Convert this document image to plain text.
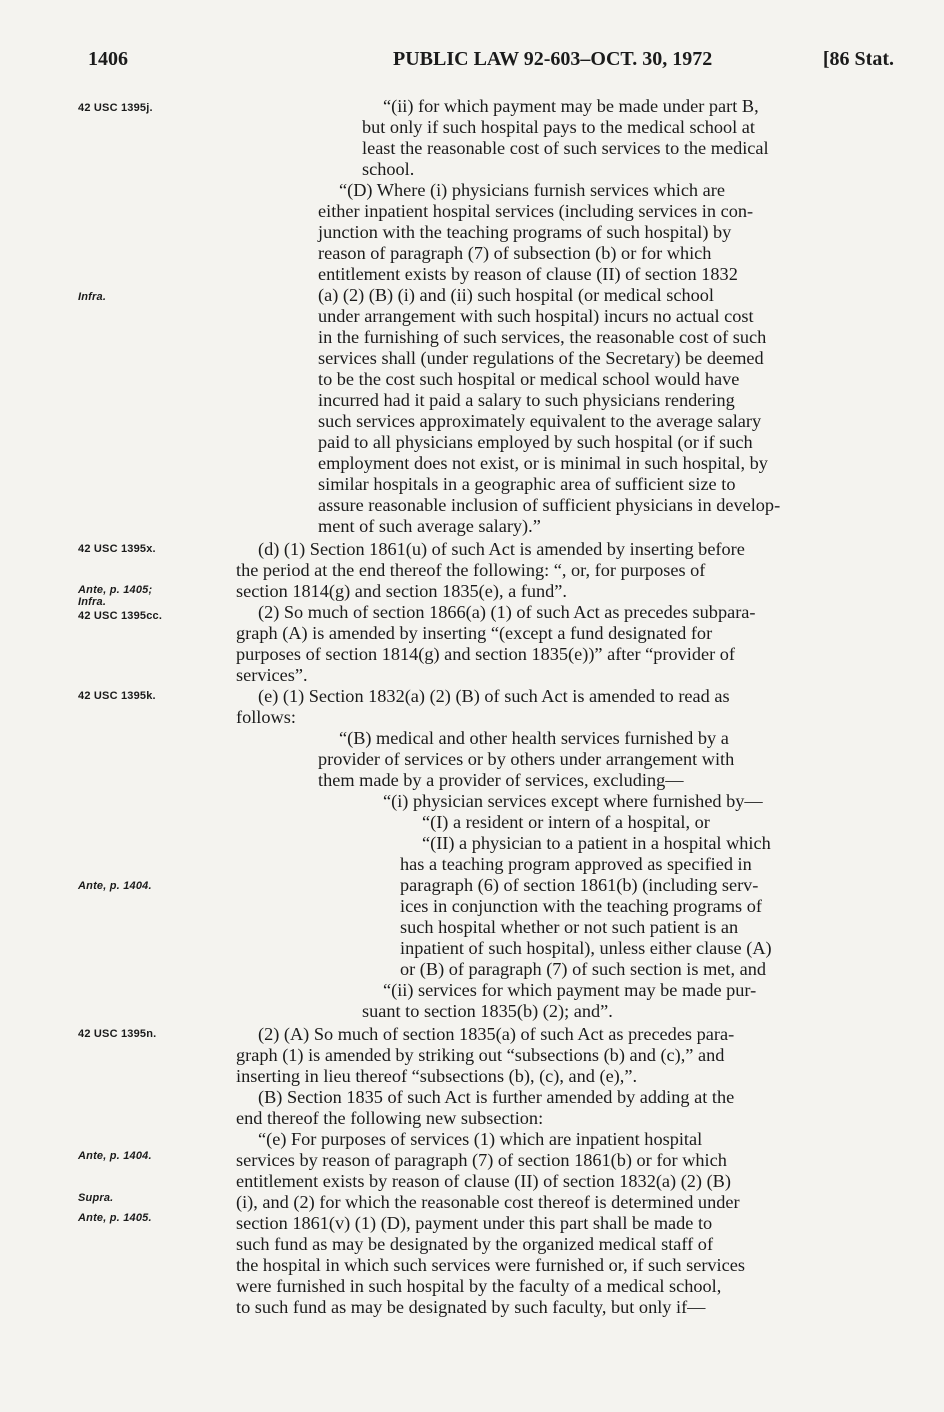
1406	PUBLIC LAW 92-603–OCT. 30, 1972	[86 Stat.
42 USC 1395j.
Infra.
42 USC 1395x.
Ante, p. 1405;
Infra.
42 USC 1395cc.
42 USC 1395k.
Ante, p. 1404.
42 USC 1395n.
Ante, p. 1404.
Supra.
Ante, p. 1405.
“(ii) for which payment may be made under part B,
but only if such hospital pays to the medical school at
least the reasonable cost of such services to the medical
school.
“(D) Where (i) physicians furnish services which are
either inpatient hospital services (including services in con-
junction with the teaching programs of such hospital) by
reason of paragraph (7) of subsection (b) or for which
entitlement exists by reason of clause (II) of section 1832
(a) (2) (B) (i) and (ii) such hospital (or medical school
under arrangement with such hospital) incurs no actual cost
in the furnishing of such services, the reasonable cost of such
services shall (under regulations of the Secretary) be deemed
to be the cost such hospital or medical school would have
incurred had it paid a salary to such physicians rendering
such services approximately equivalent to the average salary
paid to all physicians employed by such hospital (or if such
employment does not exist, or is minimal in such hospital, by
similar hospitals in a geographic area of sufficient size to
assure reasonable inclusion of sufficient physicians in develop-
ment of such average salary).”
(d) (1) Section 1861(u) of such Act is amended by inserting before
the period at the end thereof the following: “, or, for purposes of
section 1814(g) and section 1835(e), a fund”.
(2) So much of section 1866(a) (1) of such Act as precedes subpara-
graph (A) is amended by inserting “(except a fund designated for
purposes of section 1814(g) and section 1835(e))” after “provider of
services”.
(e) (1) Section 1832(a) (2) (B) of such Act is amended to read as
follows:
“(B) medical and other health services furnished by a
provider of services or by others under arrangement with
them made by a provider of services, excluding—
“(i) physician services except where furnished by—
“(I) a resident or intern of a hospital, or
“(II) a physician to a patient in a hospital which
has a teaching program approved as specified in
paragraph (6) of section 1861(b) (including serv-
ices in conjunction with the teaching programs of
such hospital whether or not such patient is an
inpatient of such hospital), unless either clause (A)
or (B) of paragraph (7) of such section is met, and
“(ii) services for which payment may be made pur-
suant to section 1835(b) (2); and”.
(2) (A) So much of section 1835(a) of such Act as precedes para-
graph (1) is amended by striking out “subsections (b) and (c),” and
inserting in lieu thereof “subsections (b), (c), and (e),”.
(B) Section 1835 of such Act is further amended by adding at the
end thereof the following new subsection:
“(e) For purposes of services (1) which are inpatient hospital
services by reason of paragraph (7) of section 1861(b) or for which
entitlement exists by reason of clause (II) of section 1832(a) (2) (B)
(i), and (2) for which the reasonable cost thereof is determined under
section 1861(v) (1) (D), payment under this part shall be made to
such fund as may be designated by the organized medical staff of
the hospital in which such services were furnished or, if such services
were furnished in such hospital by the faculty of a medical school,
to such fund as may be designated by such faculty, but only if—
